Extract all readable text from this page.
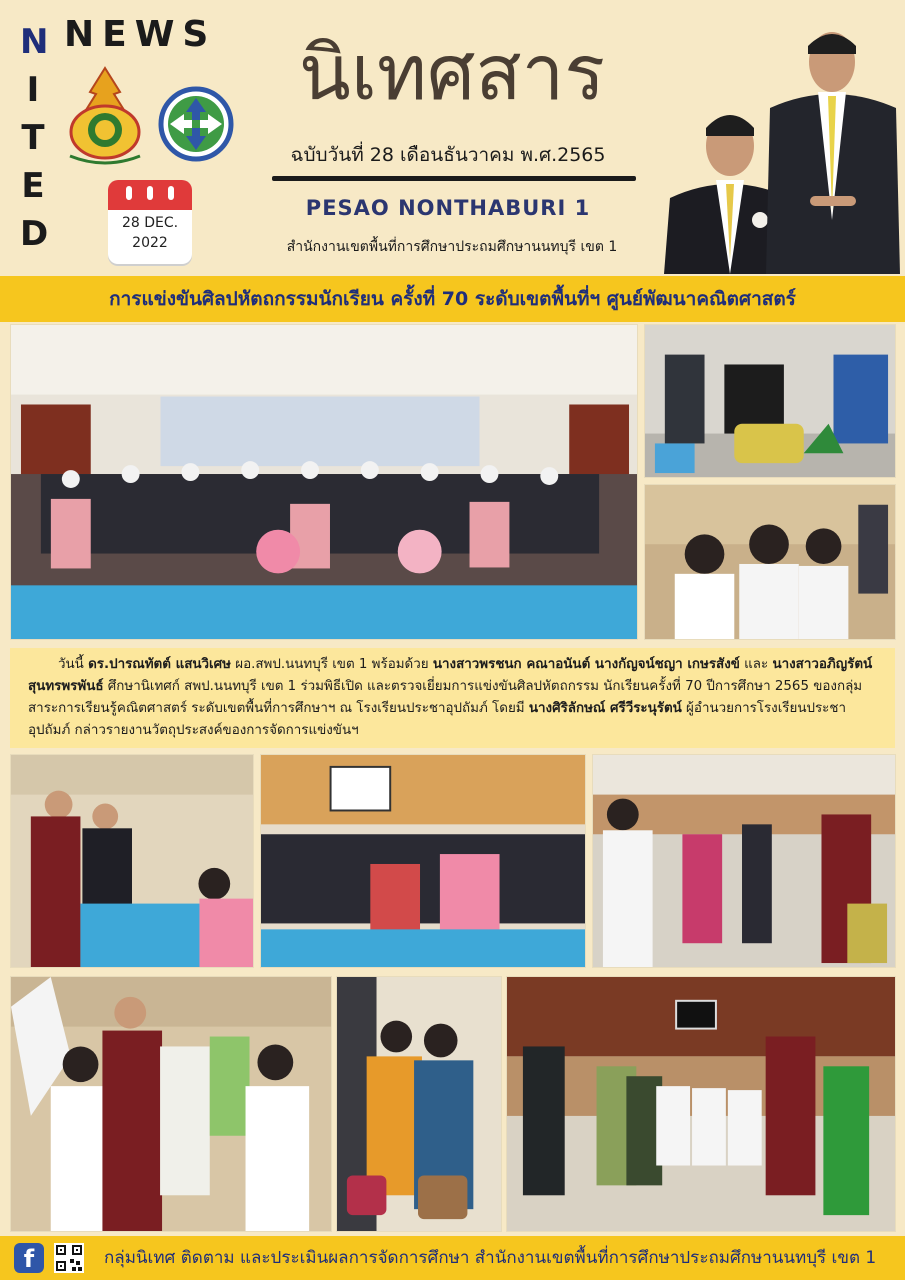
N
I
T
E
D
NEWS
28 DEC.
2022
นิเทศสาร
ฉบับวันที่ 28 เดือนธันวาคม พ.ศ.2565
PESAO NONTHABURI 1
สำนักงานเขตพื้นที่การศึกษาประถมศึกษานนทบุรี เขต 1
การแข่งขันศิลปหัตถกรรมนักเรียน ครั้งที่ 70 ระดับเขตพื้นที่ฯ ศูนย์พัฒนาคณิตศาสตร์

วันนี้ ดร.ปารณทัตต์ แสนวิเศษ ผอ.สพป.นนทบุรี เขต 1 พร้อมด้วย นางสาวพรชนก คณาอนันต์ นางกัญจน์ชญา เกษรสังข์ และ นางสาวอภิญรัตน์ สุนทรพรพันธ์ ศึกษานิเทศก์ สพป.นนทบุรี เขต 1 ร่วมพิธีเปิด และตรวจเยี่ยมการแข่งขันศิลปหัตถกรรม นักเรียนครั้งที่ 70 ปีการศึกษา 2565 ของกลุ่มสาระการเรียนรู้คณิตศาสตร์ ระดับเขตพื้นที่การศึกษาฯ ณ โรงเรียนประชาอุปถัมภ์ โดยมี นางศิริลักษณ์ ศรีวีระนุรัตน์ ผู้อำนวยการโรงเรียนประชาอุปถัมภ์ กล่าวรายงานวัตถุประสงค์ของการจัดการแข่งขันฯ

f	กลุ่มนิเทศ ติดตาม และประเมินผลการจัดการศึกษา สำนักงานเขตพื้นที่การศึกษาประถมศึกษานนทบุรี เขต 1
